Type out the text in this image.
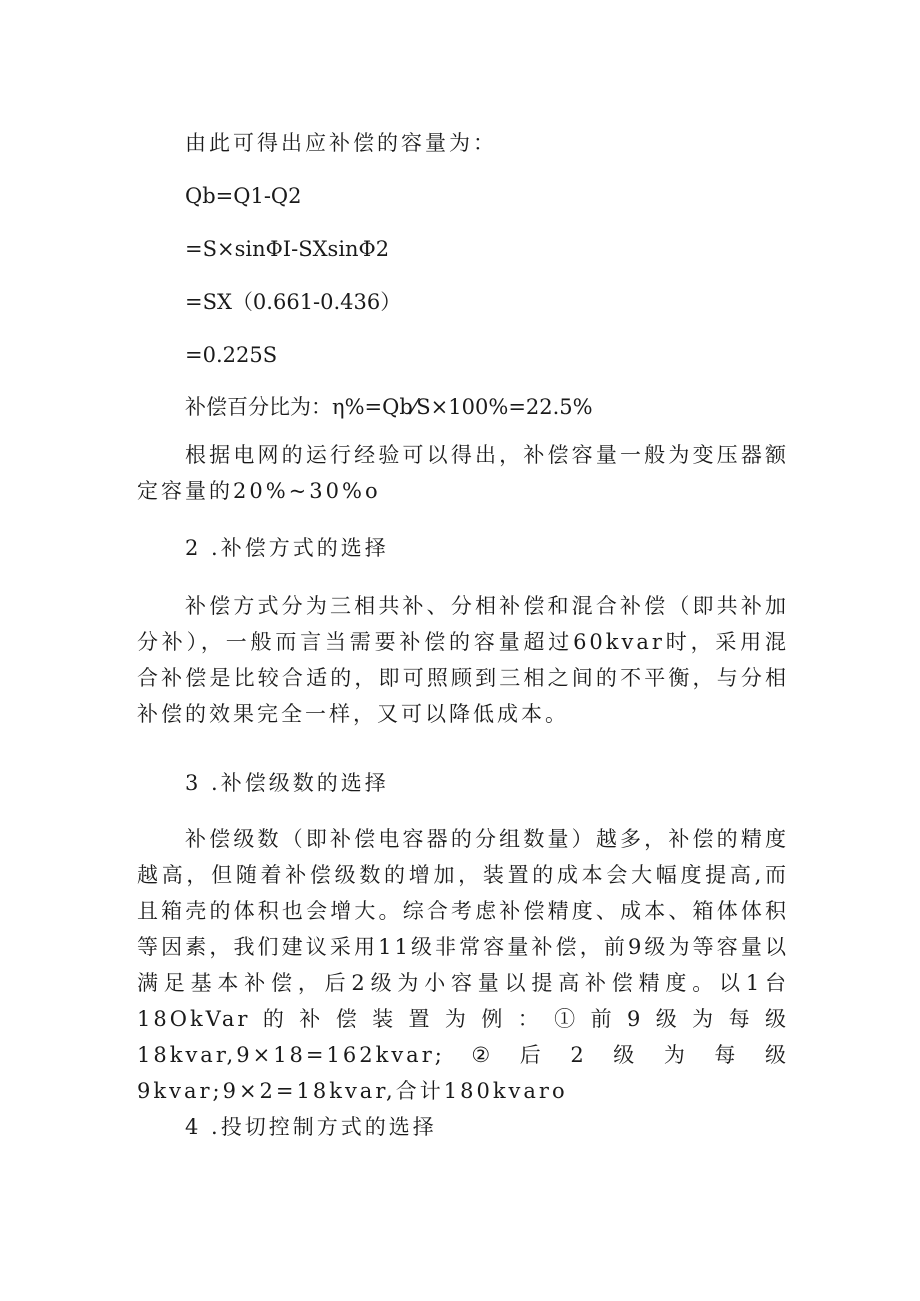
由此可得出应补偿的容量为：
Qb=Q1-Q2
=S×sinΦI-SXsinΦ2
=SX（0.661-0.436）
=0.225S
补偿百分比为：η%=Qb⁄S×100%=22.5%

根据电网的运行经验可以得出，补偿容量一般为变压器额定容量的20%~30%o

2 .补偿方式的选择

补偿方式分为三相共补、分相补偿和混合补偿（即共补加分补），一般而言当需要补偿的容量超过60kvar时，采用混合补偿是比较合适的，即可照顾到三相之间的不平衡，与分相补偿的效果完全一样，又可以降低成本。

3 .补偿级数的选择

补偿级数（即补偿电容器的分组数量）越多，补偿的精度越高，但随着补偿级数的增加，装置的成本会大幅度提高,而且箱壳的体积也会增大。综合考虑补偿精度、成本、箱体体积等因素，我们建议采用11级非常容量补偿，前9级为等容量以满足基本补偿，后2级为小容量以提高补偿精度。以1台18OkVar的补偿装置为例：①前9级为每级18kvar,9×18=162kvar;②后2级为每级9kvar;9×2=18kvar,合计180kvaro

4 .投切控制方式的选择
